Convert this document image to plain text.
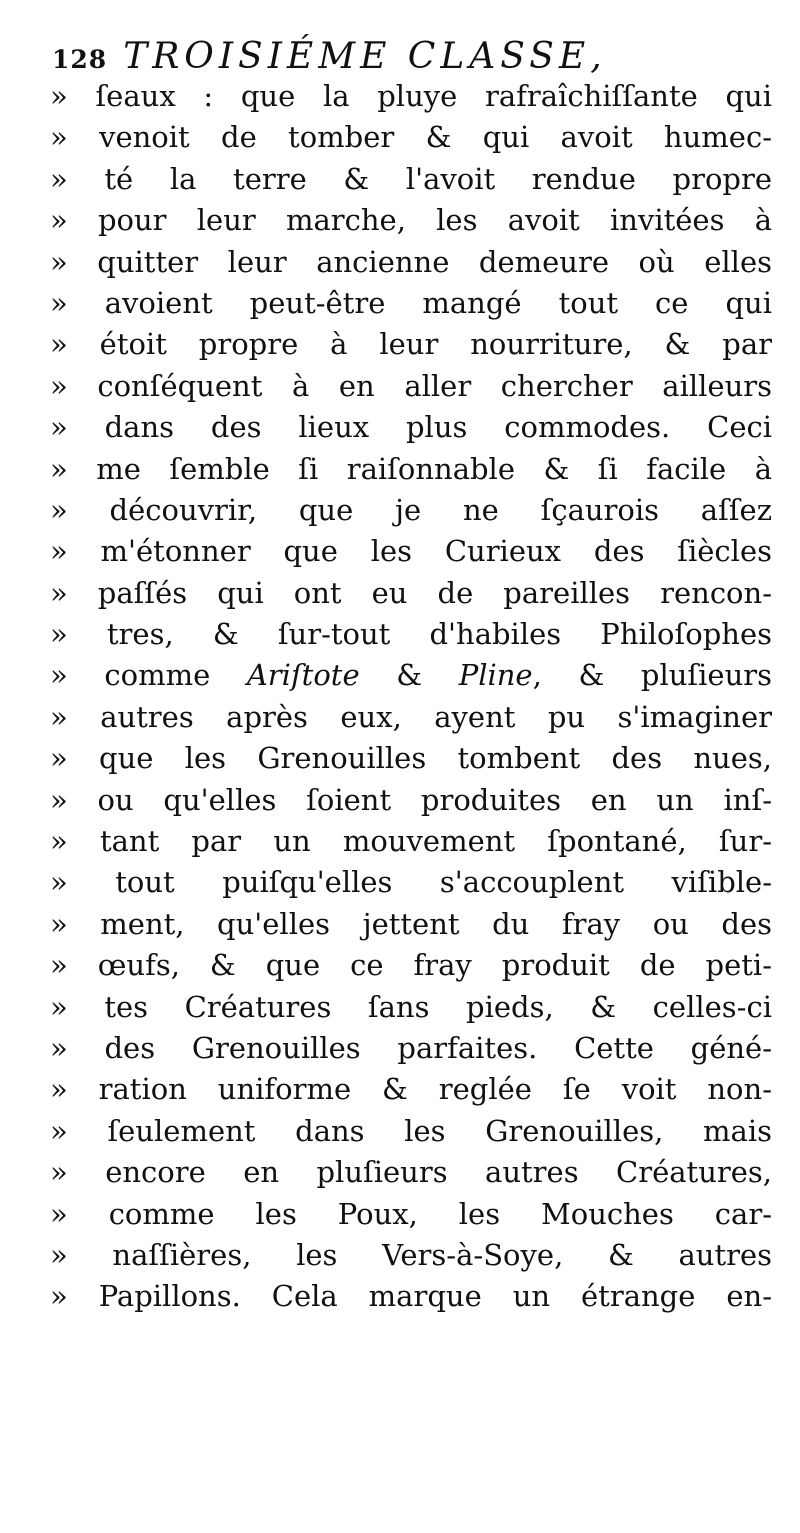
128 TROISIÉME CLASSE,
» ſeaux : que la pluye rafraîchiſſante qui
» venoit de tomber & qui avoit humec-
» té la terre & l'avoit rendue propre
» pour leur marche, les avoit invitées à
» quitter leur ancienne demeure où elles
» avoient peut-être mangé tout ce qui
» étoit propre à leur nourriture, & par
» conſéquent à en aller chercher ailleurs
» dans des lieux plus commodes. Ceci
» me ſemble ſi raiſonnable & ſi facile à
» découvrir, que je ne ſçaurois aſſez
» m'étonner que les Curieux des ſiècles
» paſſés qui ont eu de pareilles rencon-
» tres, & ſur-tout d'habiles Philoſophes
» comme Ariſtote & Pline, & pluſieurs
» autres après eux, ayent pu s'imaginer
» que les Grenouilles tombent des nues,
» ou qu'elles ſoient produites en un inſ-
» tant par un mouvement ſpontané, ſur-
» tout puiſqu'elles s'accouplent viſible-
» ment, qu'elles jettent du fray ou des
» œufs, & que ce fray produit de peti-
» tes Créatures ſans pieds, & celles-ci
» des Grenouilles parfaites. Cette géné-
» ration uniforme & reglée ſe voit non-
» ſeulement dans les Grenouilles, mais
» encore en pluſieurs autres Créatures,
» comme les Poux, les Mouches car-
» naſſières, les Vers-à-Soye, & autres
» Papillons. Cela marque un étrange en-
